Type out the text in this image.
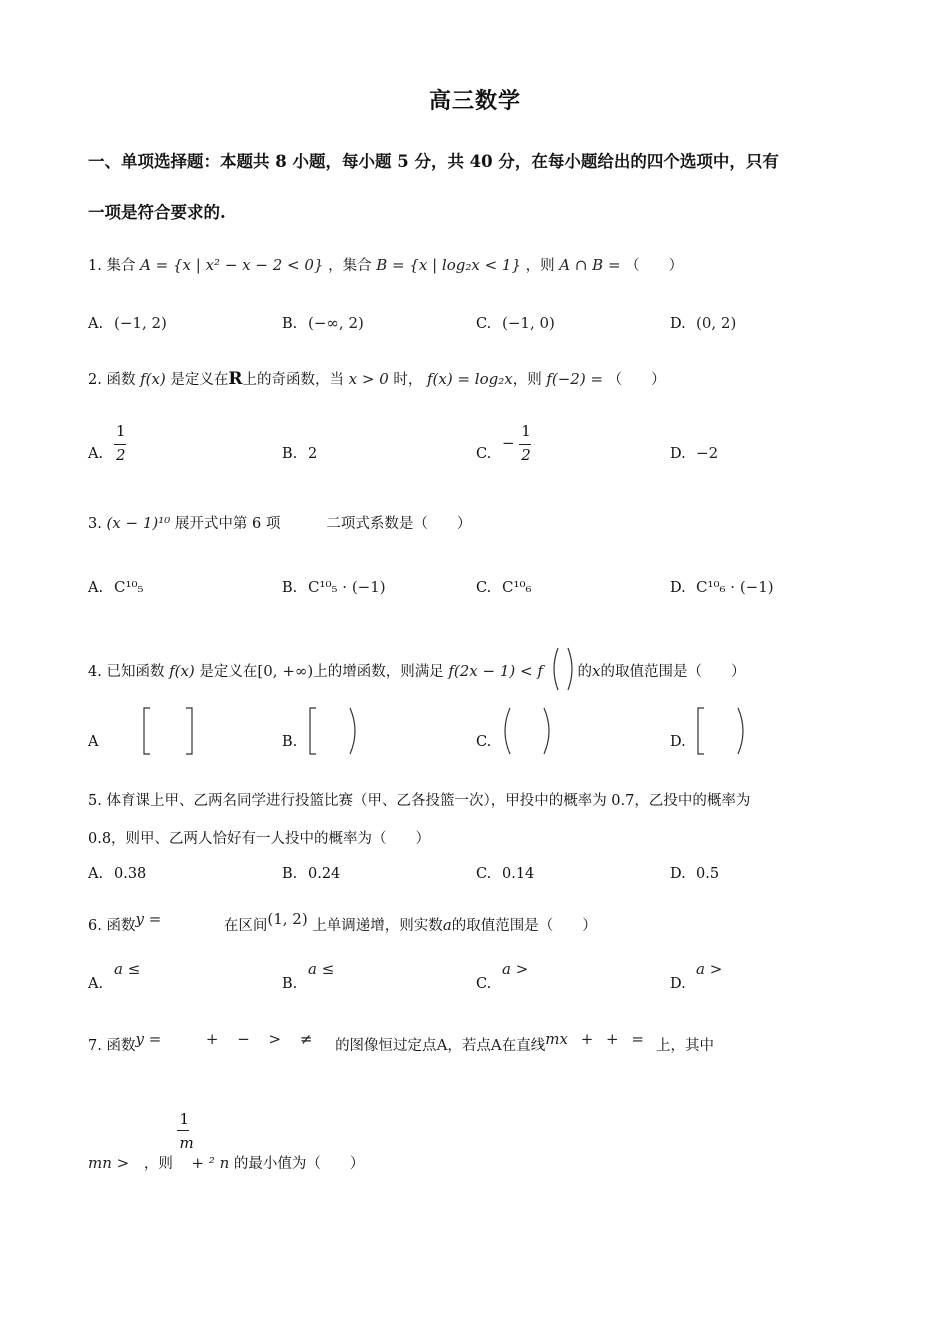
高三数学
一、单项选择题：本题共 8 小题，每小题 5 分，共 40 分，在每小题给出的四个选项中，只有
一项是符合要求的.
1. 集合 A = {x | x² − x − 2 < 0} ，集合 B = {x | log₂x < 1} ，则 A ∩ B = （　　）
A. (−1, 2)	B. (−∞, 2)	C. (−1, 0)	D. (0, 2)
2. 函数 f(x) 是定义在R上的奇函数，当 x > 0 时， f(x) = log₂x，则 f(−2) = （　　）
A. $\frac{1}{2}$	B. 2	C.
− $\frac{1}{2}$	D. −2
3. (x − 1)¹⁰ 展开式中第 6 项	二项式系数是（　　）
A. C¹⁰₅	B. C¹⁰₅ · (−1)	C. C¹⁰₆	D. C¹⁰₆ · (−1)
4. 已知函数 f(x) 是定义在[0, +∞)上的增函数，则满足 f(2x − 1) < f 的x的取值范围是（　　）
A	B.	C.	D.
5. 体育课上甲、乙两名同学进行投篮比赛（甲、乙各投篮一次），甲投中的概率为 0.7，乙投中的概率为
0.8，则甲、乙两人恰好有一人投中的概率为（　　）
A. 0.38	B. 0.24	C. 0.14	D. 0.5
6. 函数y =	在区间(1, 2) 上单调递增，则实数a的取值范围是（　　）
A.
a ≤
B.
a ≤
C.
a >
D.
a >
7. 函数y =	+ − > ≠ 的图像恒过定点A，若点A在直线mx + + = 上，其中
mn > ，则 $\frac{1}{m} + ^2$ n 的最小值为（　　）
